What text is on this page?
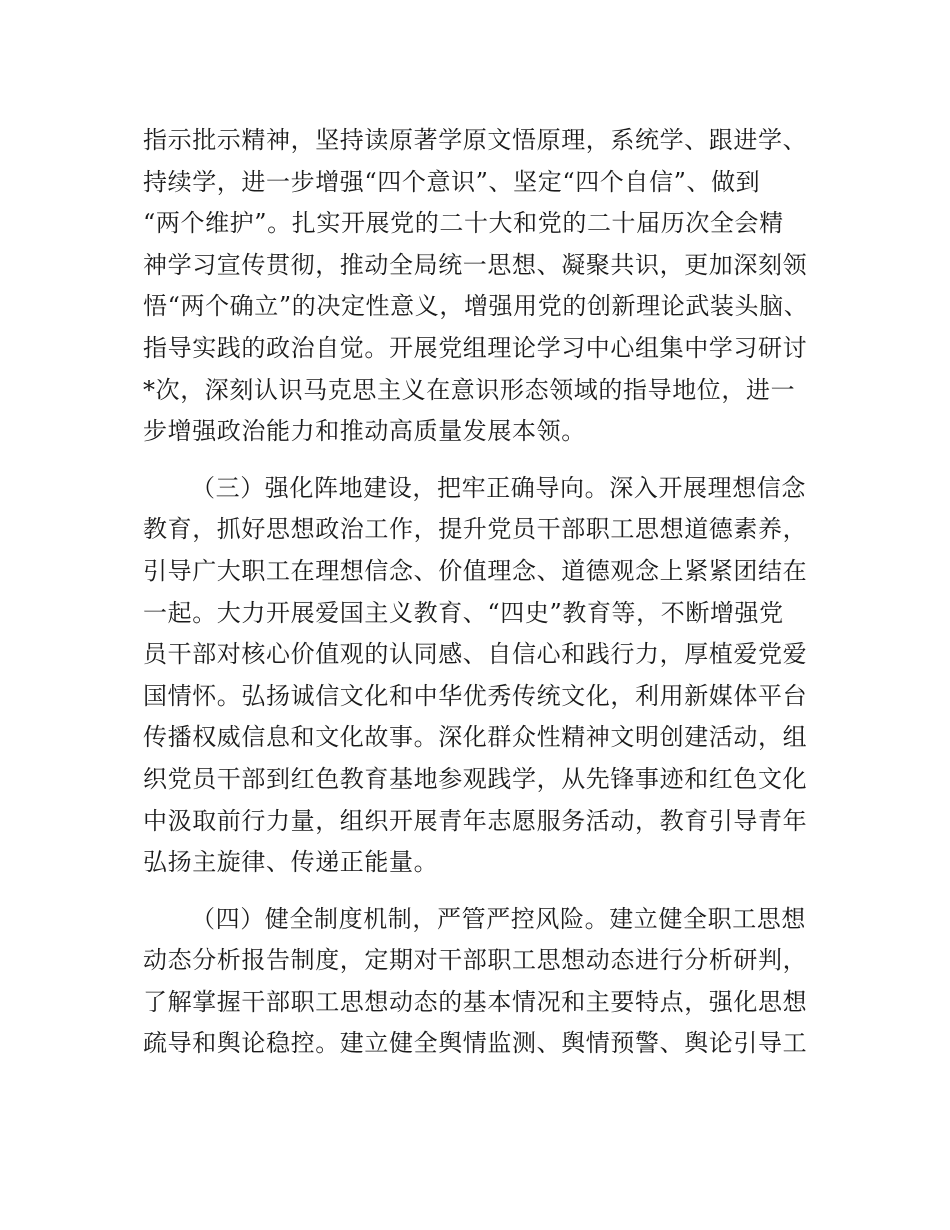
指示批示精神，坚持读原著学原文悟原理，系统学、跟进学、
持续学，进一步增强“四个意识”、坚定“四个自信”、做到
“两个维护”。扎实开展党的二十大和党的二十届历次全会精
神学习宣传贯彻，推动全局统一思想、凝聚共识，更加深刻领
悟“两个确立”的决定性意义，增强用党的创新理论武装头脑、
指导实践的政治自觉。开展党组理论学习中心组集中学习研讨
*次，深刻认识马克思主义在意识形态领域的指导地位，进一
步增强政治能力和推动高质量发展本领。
（三）强化阵地建设，把牢正确导向。深入开展理想信念
教育，抓好思想政治工作，提升党员干部职工思想道德素养，
引导广大职工在理想信念、价值理念、道德观念上紧紧团结在
一起。大力开展爱国主义教育、“四史”教育等，不断增强党
员干部对核心价值观的认同感、自信心和践行力，厚植爱党爱
国情怀。弘扬诚信文化和中华优秀传统文化，利用新媒体平台
传播权威信息和文化故事。深化群众性精神文明创建活动，组
织党员干部到红色教育基地参观践学，从先锋事迹和红色文化
中汲取前行力量，组织开展青年志愿服务活动，教育引导青年
弘扬主旋律、传递正能量。
（四）健全制度机制，严管严控风险。建立健全职工思想
动态分析报告制度，定期对干部职工思想动态进行分析研判，
了解掌握干部职工思想动态的基本情况和主要特点，强化思想
疏导和舆论稳控。建立健全舆情监测、舆情预警、舆论引导工
